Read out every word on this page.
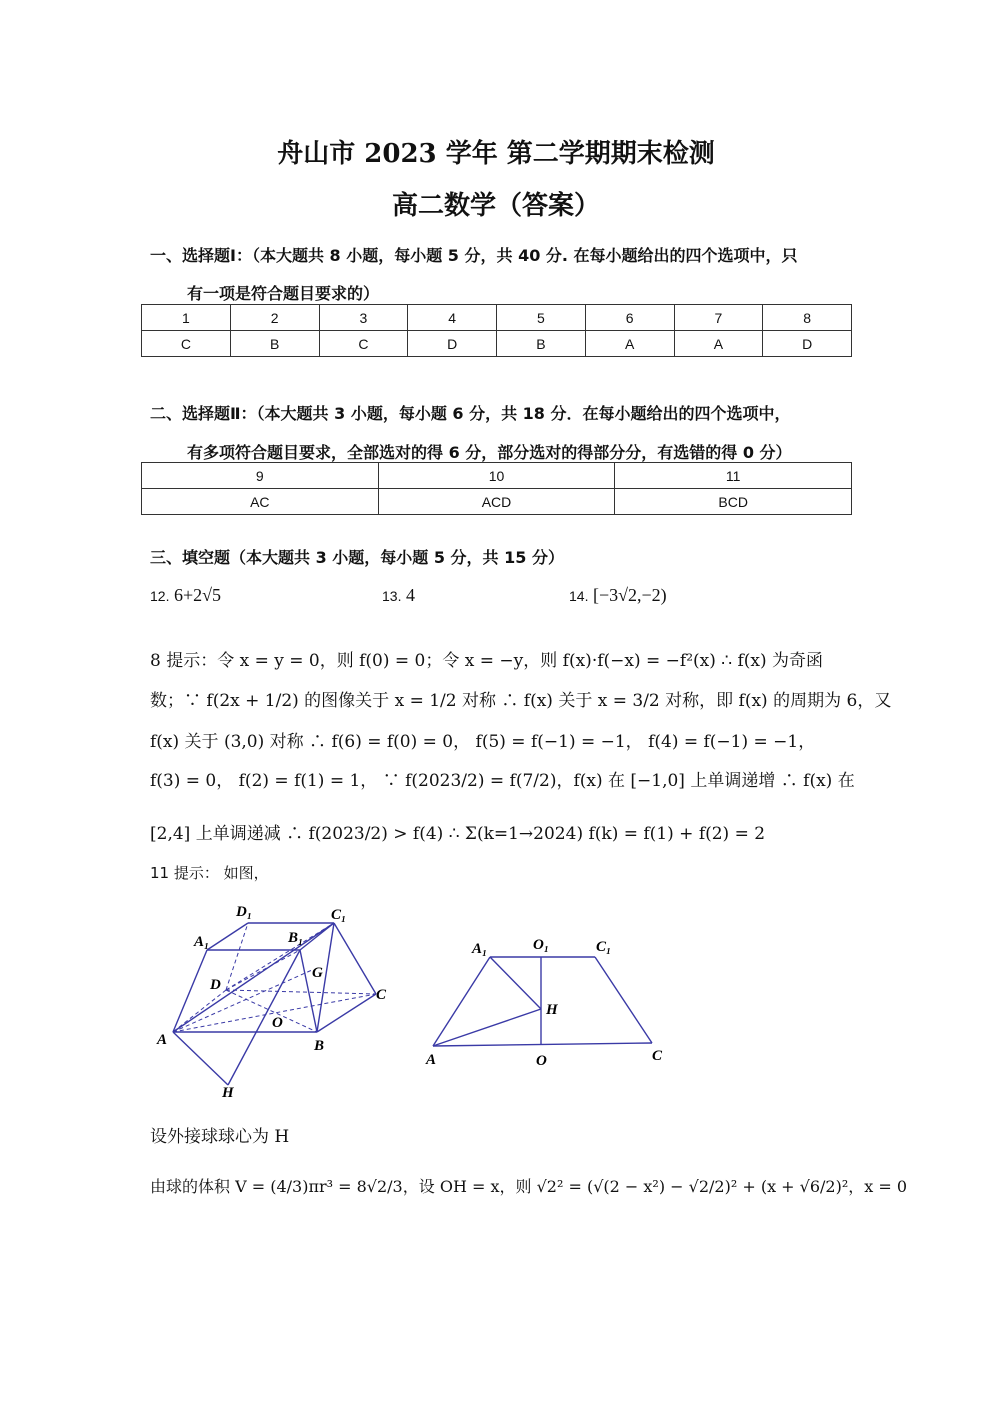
舟山市 2023 学年 第二学期期末检测
高二数学（答案）
一、选择题Ⅰ：（本大题共 8 小题，每小题 5 分，共 40 分. 在每小题给出的四个选项中，只
有一项是符合题目要求的）
1	2	3	4	5	6	7	8
C	B	C	D	B	A	A	D
二、选择题Ⅱ：（本大题共 3 小题，每小题 6 分，共 18 分．在每小题给出的四个选项中，
有多项符合题目要求，全部选对的得 6 分，部分选对的得部分分，有选错的得 0 分）
9	10	11
AC	ACD	BCD
三、填空题（本大题共 3 小题，每小题 5 分，共 15 分）
12. 6+2√5	13. 4	14. [−3√2,−2)
8 提示：令 x = y = 0，则 f(0) = 0；令 x = −y，则 f(x)·f(−x) = −f²(x) ∴ f(x) 为奇函
数；∵ f(2x + 1/2) 的图像关于 x = 1/2 对称 ∴ f(x) 关于 x = 3/2 对称，即 f(x) 的周期为 6，又
f(x) 关于 (3,0) 对称 ∴ f(6) = f(0) = 0， f(5) = f(−1) = −1， f(4) = f(−1) = −1，
f(3) = 0， f(2) = f(1) = 1， ∵ f(2023/2) = f(7/2)，f(x) 在 [−1,0] 上单调递增 ∴ f(x) 在
[2,4] 上单调递减 ∴ f(2023/2) > f(4) ∴ Σ(k=1→2024) f(k) = f(1) + f(2) = 2
11 提示： 如图，
D₁	C₁
A₁	B₁
G
D
C
O
A	B
H
A₁	O₁	C₁
H
A	O	C
设外接球球心为 H
由球的体积 V = (4/3)πr³ = 8√2/3，设 OH = x，则 √2² = (√(2 − x²) − √2/2)² + (x + √6/2)²，x = 0
